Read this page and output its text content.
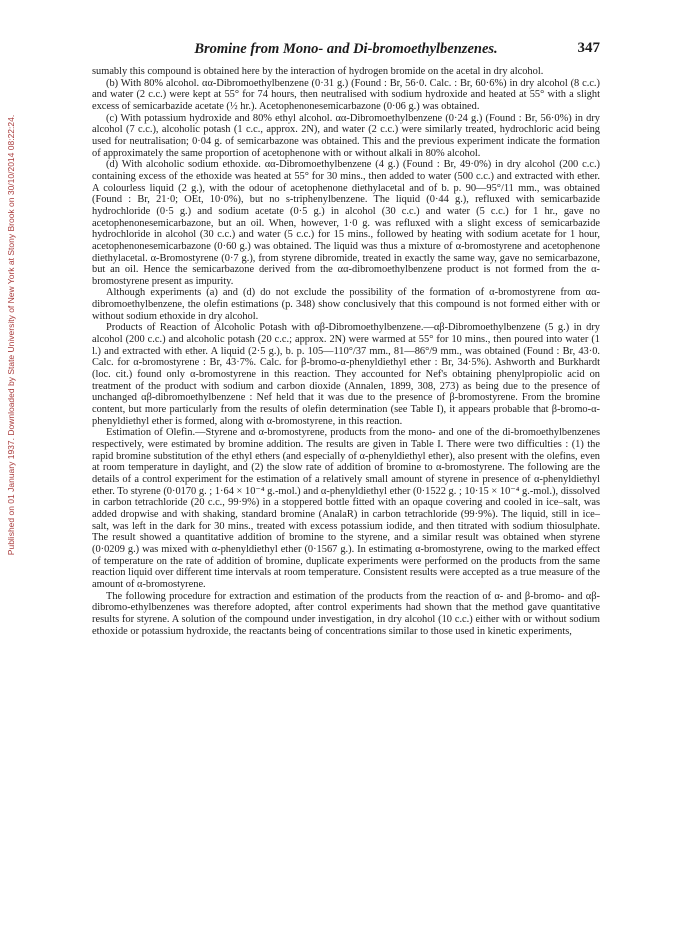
Published on 01 January 1937. Downloaded by State University of New York at Stony Brook on 30/10/2014 08:22:24.
Bromine from Mono- and Di-bromoethylbenzenes.	347

sumably this compound is obtained here by the interaction of hydrogen bromide on the acetal in dry alcohol.

(b) With 80% alcohol. αα-Dibromoethylbenzene (0·31 g.) (Found : Br, 56·0. Calc. : Br, 60·6%) in dry alcohol (8 c.c.) and water (2 c.c.) were kept at 55° for 74 hours, then neutralised with sodium hydroxide and heated at 55° with a slight excess of semicarbazide acetate (½ hr.). Acetophenonesemicarbazone (0·06 g.) was obtained.

(c) With potassium hydroxide and 80% ethyl alcohol. αα-Dibromoethylbenzene (0·24 g.) (Found : Br, 56·0%) in dry alcohol (7 c.c.), alcoholic potash (1 c.c., approx. 2N), and water (2 c.c.) were similarly treated, hydrochloric acid being used for neutralisation; 0·04 g. of semicarbazone was obtained. This and the previous experiment indicate the formation of approximately the same proportion of acetophenone with or without alkali in 80% alcohol.

(d) With alcoholic sodium ethoxide. αα-Dibromoethylbenzene (4 g.) (Found : Br, 49·0%) in dry alcohol (200 c.c.) containing excess of the ethoxide was heated at 55° for 30 mins., then added to water (500 c.c.) and extracted with ether. A colourless liquid (2 g.), with the odour of acetophenone diethylacetal and of b. p. 90—95°/11 mm., was obtained (Found : Br, 21·0; OEt, 10·0%), but no s-triphenylbenzene. The liquid (0·44 g.), refluxed with semicarbazide hydrochloride (0·5 g.) and sodium acetate (0·5 g.) in alcohol (30 c.c.) and water (5 c.c.) for 1 hr., gave no acetophenonesemicarbazone, but an oil. When, however, 1·0 g. was refluxed with a slight excess of semicarbazide hydrochloride in alcohol (30 c.c.) and water (5 c.c.) for 15 mins., followed by heating with sodium acetate for 1 hour, acetophenonesemicarbazone (0·60 g.) was obtained. The liquid was thus a mixture of α-bromostyrene and acetophenone diethylacetal. α-Bromostyrene (0·7 g.), from styrene dibromide, treated in exactly the same way, gave no semicarbazone, but an oil. Hence the semicarbazone derived from the αα-dibromoethylbenzene product is not formed from the α-bromostyrene present as impurity.

Although experiments (a) and (d) do not exclude the possibility of the formation of α-bromostyrene from αα-dibromoethylbenzene, the olefin estimations (p. 348) show conclusively that this compound is not formed either with or without sodium ethoxide in dry alcohol.

Products of Reaction of Alcoholic Potash with αβ-Dibromoethylbenzene.—αβ-Dibromoethylbenzene (5 g.) in dry alcohol (200 c.c.) and alcoholic potash (20 c.c.; approx. 2N) were warmed at 55° for 10 mins., then poured into water (1 l.) and extracted with ether. A liquid (2·5 g.), b. p. 105—110°/37 mm., 81—86°/9 mm., was obtained (Found : Br, 43·0. Calc. for α-bromostyrene : Br, 43·7%. Calc. for β-bromo-α-phenyldiethyl ether : Br, 34·5%). Ashworth and Burkhardt (loc. cit.) found only α-bromostyrene in this reaction. They accounted for Nef's obtaining phenylpropiolic acid on treatment of the product with sodium and carbon dioxide (Annalen, 1899, 308, 273) as being due to the presence of unchanged αβ-dibromoethylbenzene : Nef held that it was due to the presence of β-bromostyrene. From the bromine content, but more particularly from the results of olefin determination (see Table I), it appears probable that β-bromo-α-phenyldiethyl ether is formed, along with α-bromostyrene, in this reaction.

Estimation of Olefin.—Styrene and α-bromostyrene, products from the mono- and one of the di-bromoethylbenzenes respectively, were estimated by bromine addition. The results are given in Table I. There were two difficulties : (1) the rapid bromine substitution of the ethyl ethers (and especially of α-phenyldiethyl ether), also present with the olefins, even at room temperature in daylight, and (2) the slow rate of addition of bromine to α-bromostyrene. The following are the details of a control experiment for the estimation of a relatively small amount of styrene in presence of α-phenyldiethyl ether. To styrene (0·0170 g. ; 1·64 × 10⁻⁴ g.-mol.) and α-phenyldiethyl ether (0·1522 g. ; 10·15 × 10⁻⁴ g.-mol.), dissolved in carbon tetrachloride (20 c.c., 99·9%) in a stoppered bottle fitted with an opaque covering and cooled in ice–salt, was added dropwise and with shaking, standard bromine (AnalaR) in carbon tetrachloride (99·9%). The liquid, still in ice–salt, was left in the dark for 30 mins., treated with excess potassium iodide, and then titrated with sodium thiosulphate. The result showed a quantitative addition of bromine to the styrene, and a similar result was obtained when styrene (0·0209 g.) was mixed with α-phenyldiethyl ether (0·1567 g.). In estimating α-bromostyrene, owing to the marked effect of temperature on the rate of addition of bromine, duplicate experiments were performed on the products from the same reaction liquid over different time intervals at room temperature. Consistent results were accepted as a true measure of the amount of α-bromostyrene.

The following procedure for extraction and estimation of the products from the reaction of α- and β-bromo- and αβ-dibromo-ethylbenzenes was therefore adopted, after control experiments had shown that the method gave quantitative results for styrene. A solution of the compound under investigation, in dry alcohol (10 c.c.) either with or without sodium ethoxide or potassium hydroxide, the reactants being of concentrations similar to those used in kinetic experiments,
